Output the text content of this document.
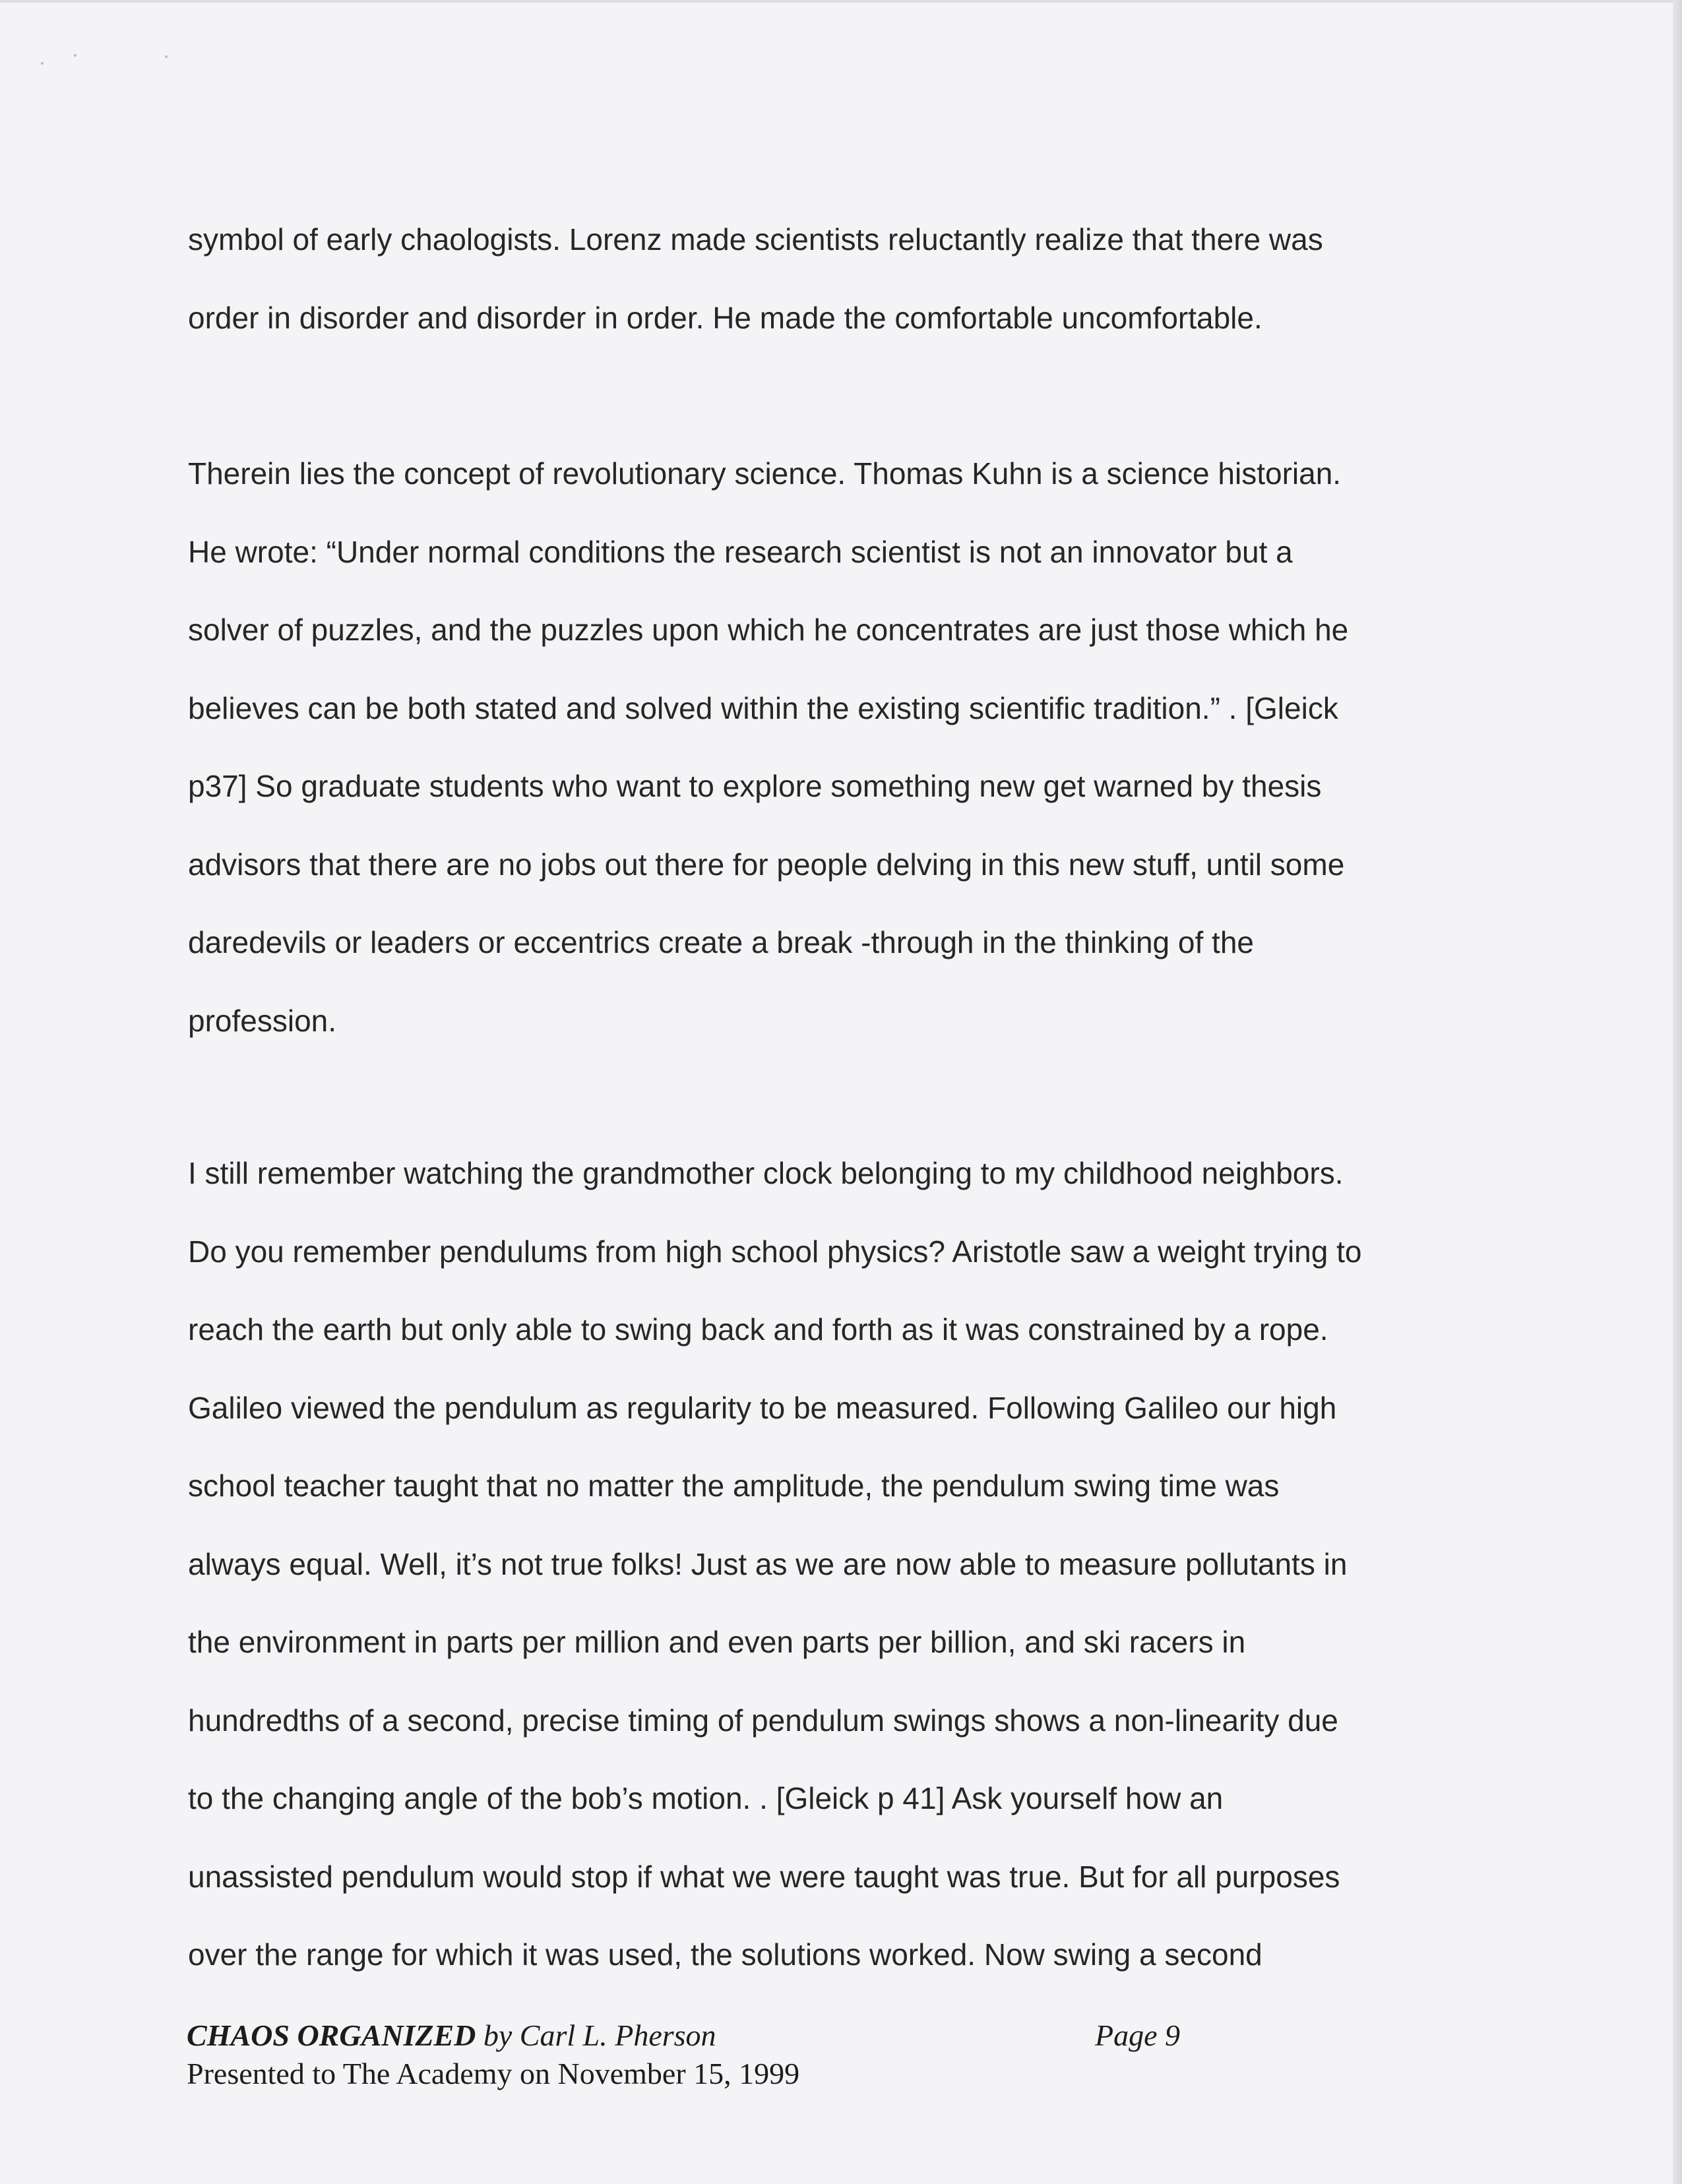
symbol of early chaologists. Lorenz made scientists reluctantly realize that there was
order in disorder and disorder in order. He made the comfortable uncomfortable.
Therein lies the concept of revolutionary science. Thomas Kuhn is a science historian.
He wrote: “Under normal conditions the research scientist is not an innovator but a
solver of puzzles, and the puzzles upon which he concentrates are just those which he
believes can be both stated and solved within the existing scientific tradition.” . [Gleick
p37] So graduate students who want to explore something new get warned by thesis
advisors that there are no jobs out there for people delving in this new stuff, until some
daredevils or leaders or eccentrics create a break -through in the thinking of the
profession.
I still remember watching the grandmother clock belonging to my childhood neighbors.
Do you remember pendulums from high school physics? Aristotle saw a weight trying to
reach the earth but only able to swing back and forth as it was constrained by a rope.
Galileo viewed the pendulum as regularity to be measured. Following Galileo our high
school teacher taught that no matter the amplitude, the pendulum swing time was
always equal. Well, it’s not true folks! Just as we are now able to measure pollutants in
the environment in parts per million and even parts per billion, and ski racers in
hundredths of a second, precise timing of pendulum swings shows a non-linearity due
to the changing angle of the bob’s motion. . [Gleick p 41] Ask yourself how an
unassisted pendulum would stop if what we were taught was true. But for all purposes
over the range for which it was used, the solutions worked. Now swing a second
CHAOS ORGANIZED by Carl L. Pherson
Presented to The Academy on November 15, 1999
Page 9
